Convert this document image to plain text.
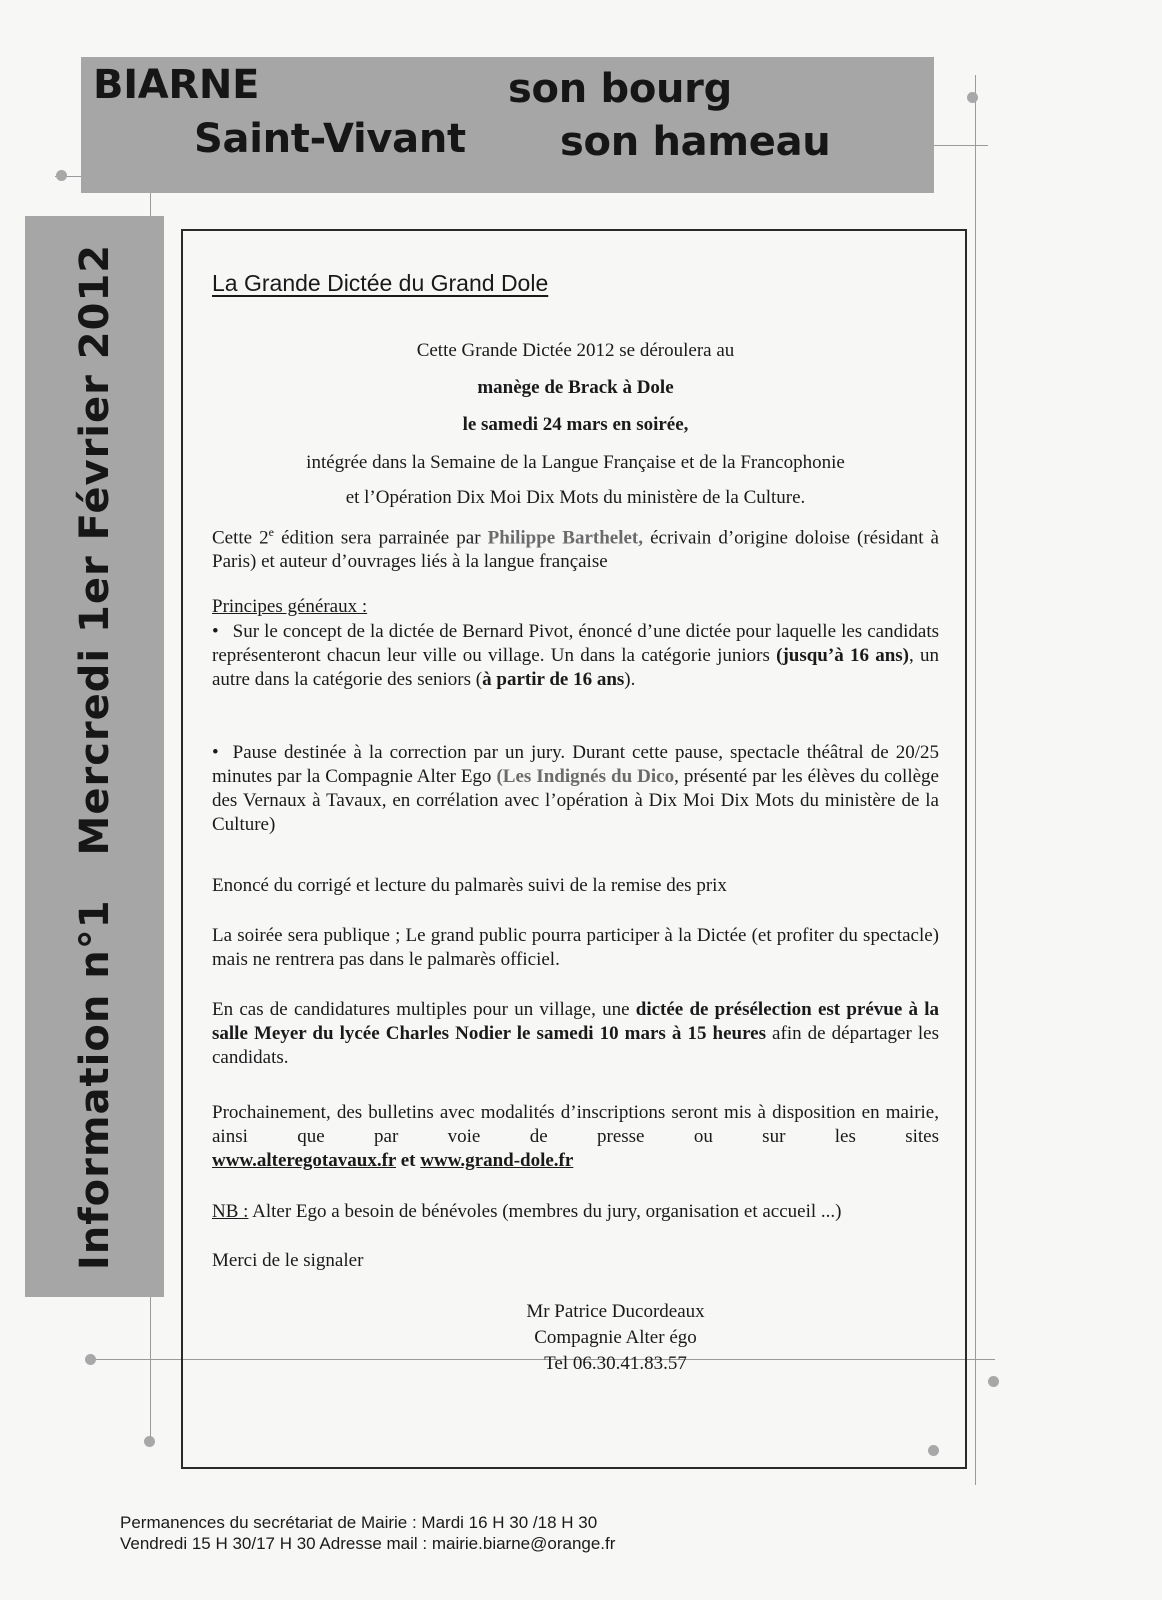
BIARNE
Saint-Vivant
son bourg
son hameau
Information n°1Mercredi 1er Février 2012	La Grande Dictée du Grand Dole
Cette Grande Dictée 2012 se déroulera au
manège de Brack à Dole
le samedi 24 mars en soirée,
intégrée dans la Semaine de la Langue Française et de la Francophonie
et l’Opération Dix Moi Dix Mots du ministère de la Culture.
Cette 2e édition sera parrainée par Philippe Barthelet, écrivain d’origine doloise (résidant à Paris) et auteur d’ouvrages liés à la langue française
Principes généraux :
• Sur le concept de la dictée de Bernard Pivot, énoncé d’une dictée pour laquelle les candidats représenteront chacun leur ville ou village. Un dans la catégorie juniors (jusqu’à 16 ans), un autre dans la catégorie des seniors (à partir de 16 ans).
• Pause destinée à la correction par un jury. Durant cette pause, spectacle théâtral de 20/25 minutes par la Compagnie Alter Ego (Les Indignés du Dico, présenté par les élèves du collège des Vernaux à Tavaux, en corrélation avec l’opération à Dix Moi Dix Mots du ministère de la Culture)
Enoncé du corrigé et lecture du palmarès suivi de la remise des prix
La soirée sera publique ; Le grand public pourra participer à la Dictée (et profiter du spectacle) mais ne rentrera pas dans le palmarès officiel.
En cas de candidatures multiples pour un village, une dictée de présélection est prévue à la salle Meyer du lycée Charles Nodier le samedi 10 mars à 15 heures afin de départager les candidats.
Prochainement, des bulletins avec modalités d’inscriptions seront mis à disposition en mairie, ainsi que par voie de presse ou sur les sites
www.alteregotavaux.fr et www.grand-dole.fr
NB : Alter Ego a besoin de bénévoles (membres du jury, organisation et accueil ...)
Merci de le signaler
Mr Patrice Ducordeaux
Compagnie Alter égo
Tel 06.30.41.83.57
Permanences du secrétariat de Mairie : Mardi 16 H 30 /18 H 30
Vendredi 15 H 30/17 H 30 Adresse mail : mairie.biarne@orange.fr
